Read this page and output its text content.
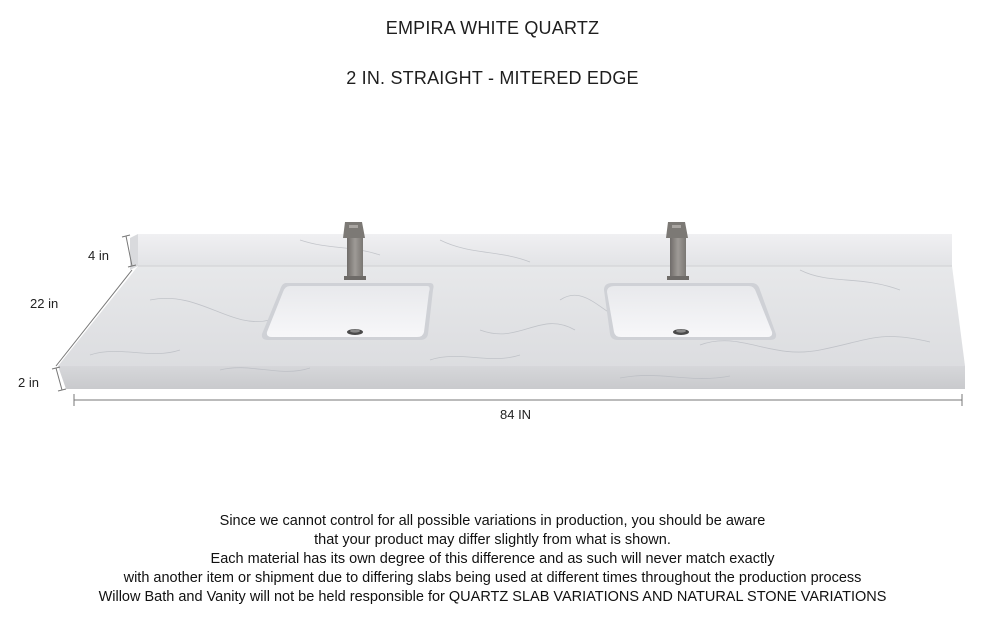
EMPIRA WHITE QUARTZ
2 IN. STRAIGHT - MITERED EDGE
4 in
22 in
2 in
84 IN
Since we cannot control for all possible variations in production, you should be aware
that your product may differ slightly from what is shown.
Each material has its own degree of this difference and as such will never match exactly
with another item or shipment due to differing slabs being used at different times throughout the production process
Willow Bath and Vanity will not be held responsible for QUARTZ SLAB VARIATIONS AND NATURAL STONE VARIATIONS
